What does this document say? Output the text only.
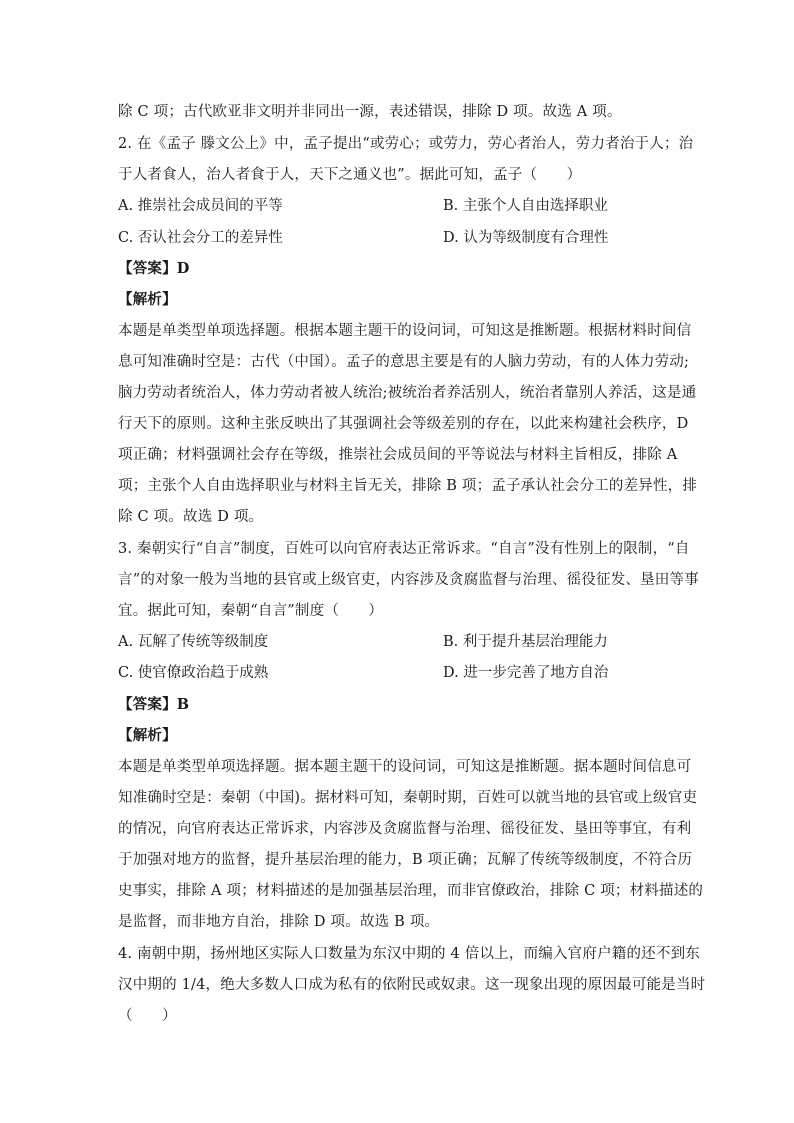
除 C 项；古代欧亚非文明并非同出一源，表述错误，排除 D 项。故选 A 项。
2. 在《孟子 滕文公上》中，孟子提出“或劳心；或劳力，劳心者治人，劳力者治于人；治
于人者食人，治人者食于人，天下之通义也”。据此可知，孟子（　　）
A. 推崇社会成员间的平等	B. 主张个人自由选择职业
C. 否认社会分工的差异性	D. 认为等级制度有合理性
【答案】D
【解析】
本题是单类型单项选择题。根据本题主题干的设问词，可知这是推断题。根据材料时间信
息可知准确时空是：古代（中国）。孟子的意思主要是有的人脑力劳动，有的人体力劳动;
脑力劳动者统治人，体力劳动者被人统治;被统治者养活别人，统治者靠别人养活，这是通
行天下的原则。这种主张反映出了其强调社会等级差别的存在，以此来构建社会秩序，D
项正确；材料强调社会存在等级，推崇社会成员间的平等说法与材料主旨相反，排除 A
项；主张个人自由选择职业与材料主旨无关，排除 B 项；孟子承认社会分工的差异性，排
除 C 项。故选 D 项。
3. 秦朝实行“自言”制度，百姓可以向官府表达正常诉求。“自言”没有性别上的限制，“自
言”的对象一般为当地的县官或上级官吏，内容涉及贪腐监督与治理、徭役征发、垦田等事
宜。据此可知，秦朝“自言”制度（　　）
A. 瓦解了传统等级制度	B. 利于提升基层治理能力
C. 使官僚政治趋于成熟	D. 进一步完善了地方自治
【答案】B
【解析】
本题是单类型单项选择题。据本题主题干的设问词，可知这是推断题。据本题时间信息可
知准确时空是：秦朝（中国)。据材料可知，秦朝时期，百姓可以就当地的县官或上级官吏
的情况，向官府表达正常诉求，内容涉及贪腐监督与治理、徭役征发、垦田等事宜，有利
于加强对地方的监督，提升基层治理的能力，B 项正确；瓦解了传统等级制度，不符合历
史事实，排除 A 项；材料描述的是加强基层治理，而非官僚政治，排除 C 项；材料描述的
是监督，而非地方自治，排除 D 项。故选 B 项。
4. 南朝中期，扬州地区实际人口数量为东汉中期的 4 倍以上，而编入官府户籍的还不到东
汉中期的 1/4，绝大多数人口成为私有的依附民或奴隶。这一现象出现的原因最可能是当时
（　　）
